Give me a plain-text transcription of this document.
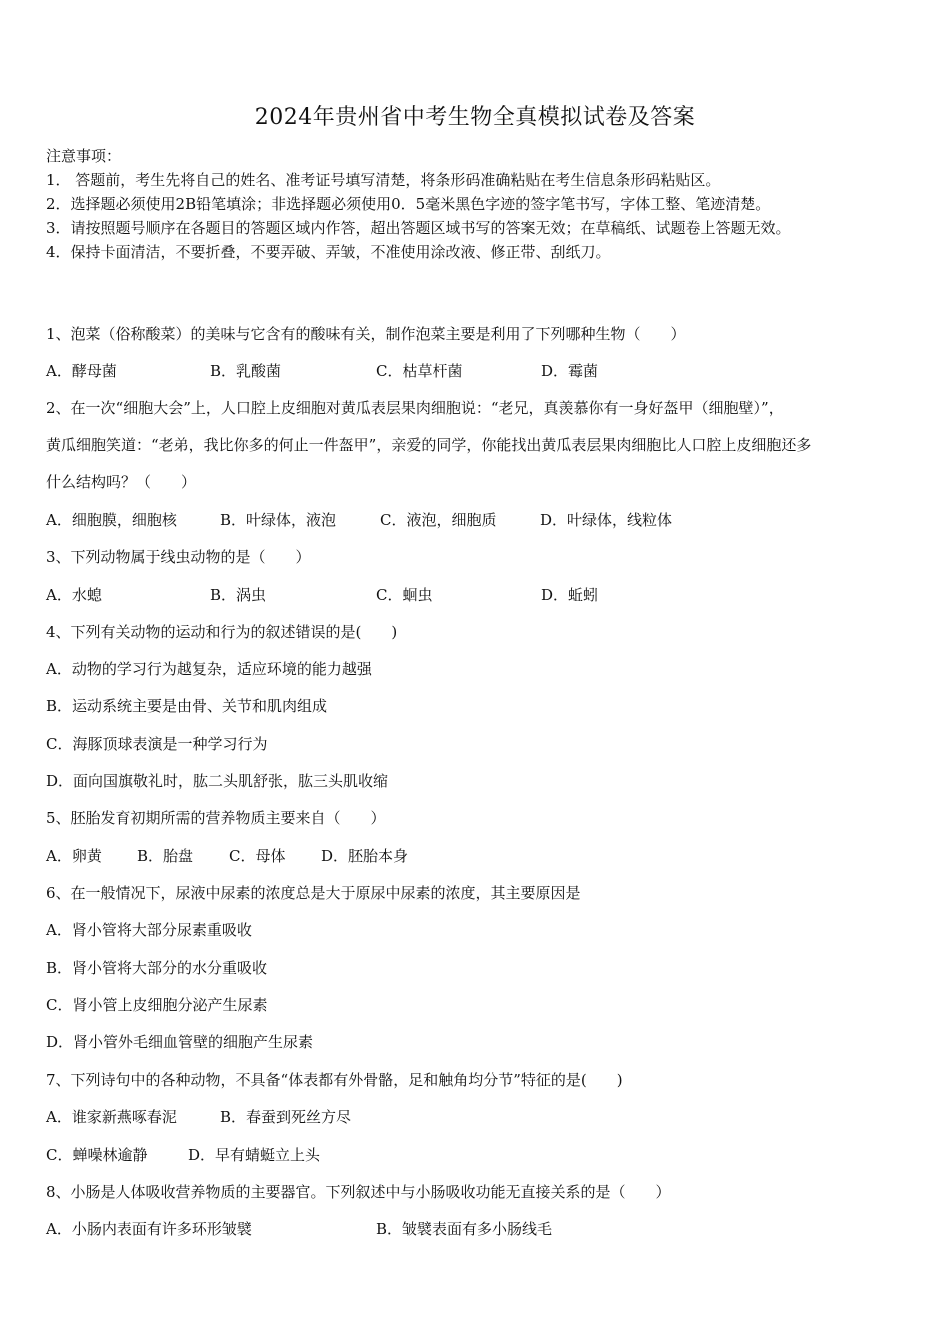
2024年贵州省中考生物全真模拟试卷及答案
注意事项：
1． 答题前，考生先将自己的姓名、准考证号填写清楚，将条形码准确粘贴在考生信息条形码粘贴区。
2．选择题必须使用2B铅笔填涂；非选择题必须使用0．5毫米黑色字迹的签字笔书写，字体工整、笔迹清楚。
3．请按照题号顺序在各题目的答题区域内作答，超出答题区域书写的答案无效；在草稿纸、试题卷上答题无效。
4．保持卡面清洁，不要折叠，不要弄破、弄皱，不准使用涂改液、修正带、刮纸刀。
1、泡菜（俗称酸菜）的美味与它含有的酸味有关，制作泡菜主要是利用了下列哪种生物（　　）
A．酵母菌	B．乳酸菌	C．枯草杆菌	D．霉菌
2、在一次“细胞大会”上，人口腔上皮细胞对黄瓜表层果肉细胞说：“老兄，真羡慕你有一身好盔甲（细胞壁）”，
黄瓜细胞笑道：“老弟，我比你多的何止一件盔甲”，亲爱的同学，你能找出黄瓜表层果肉细胞比人口腔上皮细胞还多
什么结构吗？（　　）
A．细胞膜，细胞核	B．叶绿体，液泡	C．液泡，细胞质	D．叶绿体，线粒体
3、下列动物属于线虫动物的是（　　）
A．水螅	B．涡虫	C．蛔虫	D．蚯蚓
4、下列有关动物的运动和行为的叙述错误的是(　　)
A．动物的学习行为越复杂，适应环境的能力越强
B．运动系统主要是由骨、关节和肌肉组成
C．海豚顶球表演是一种学习行为
D．面向国旗敬礼时，肱二头肌舒张，肱三头肌收缩
5、胚胎发育初期所需的营养物质主要来自（　　）
A．卵黄 B．胎盘 C．母体 D．胚胎本身
6、在一般情况下，尿液中尿素的浓度总是大于原尿中尿素的浓度，其主要原因是
A．肾小管将大部分尿素重吸收
B．肾小管将大部分的水分重吸收
C．肾小管上皮细胞分泌产生尿素
D．肾小管外毛细血管壁的细胞产生尿素
7、下列诗句中的各种动物，不具备“体表都有外骨骼，足和触角均分节”特征的是(　　)
A．谁家新燕啄春泥	B．春蚕到死丝方尽
C．蝉噪林逾静	D．早有蜻蜓立上头
8、小肠是人体吸收营养物质的主要器官。下列叙述中与小肠吸收功能无直接关系的是（　　）
A．小肠内表面有许多环形皱襞	B．皱襞表面有多小肠线毛
